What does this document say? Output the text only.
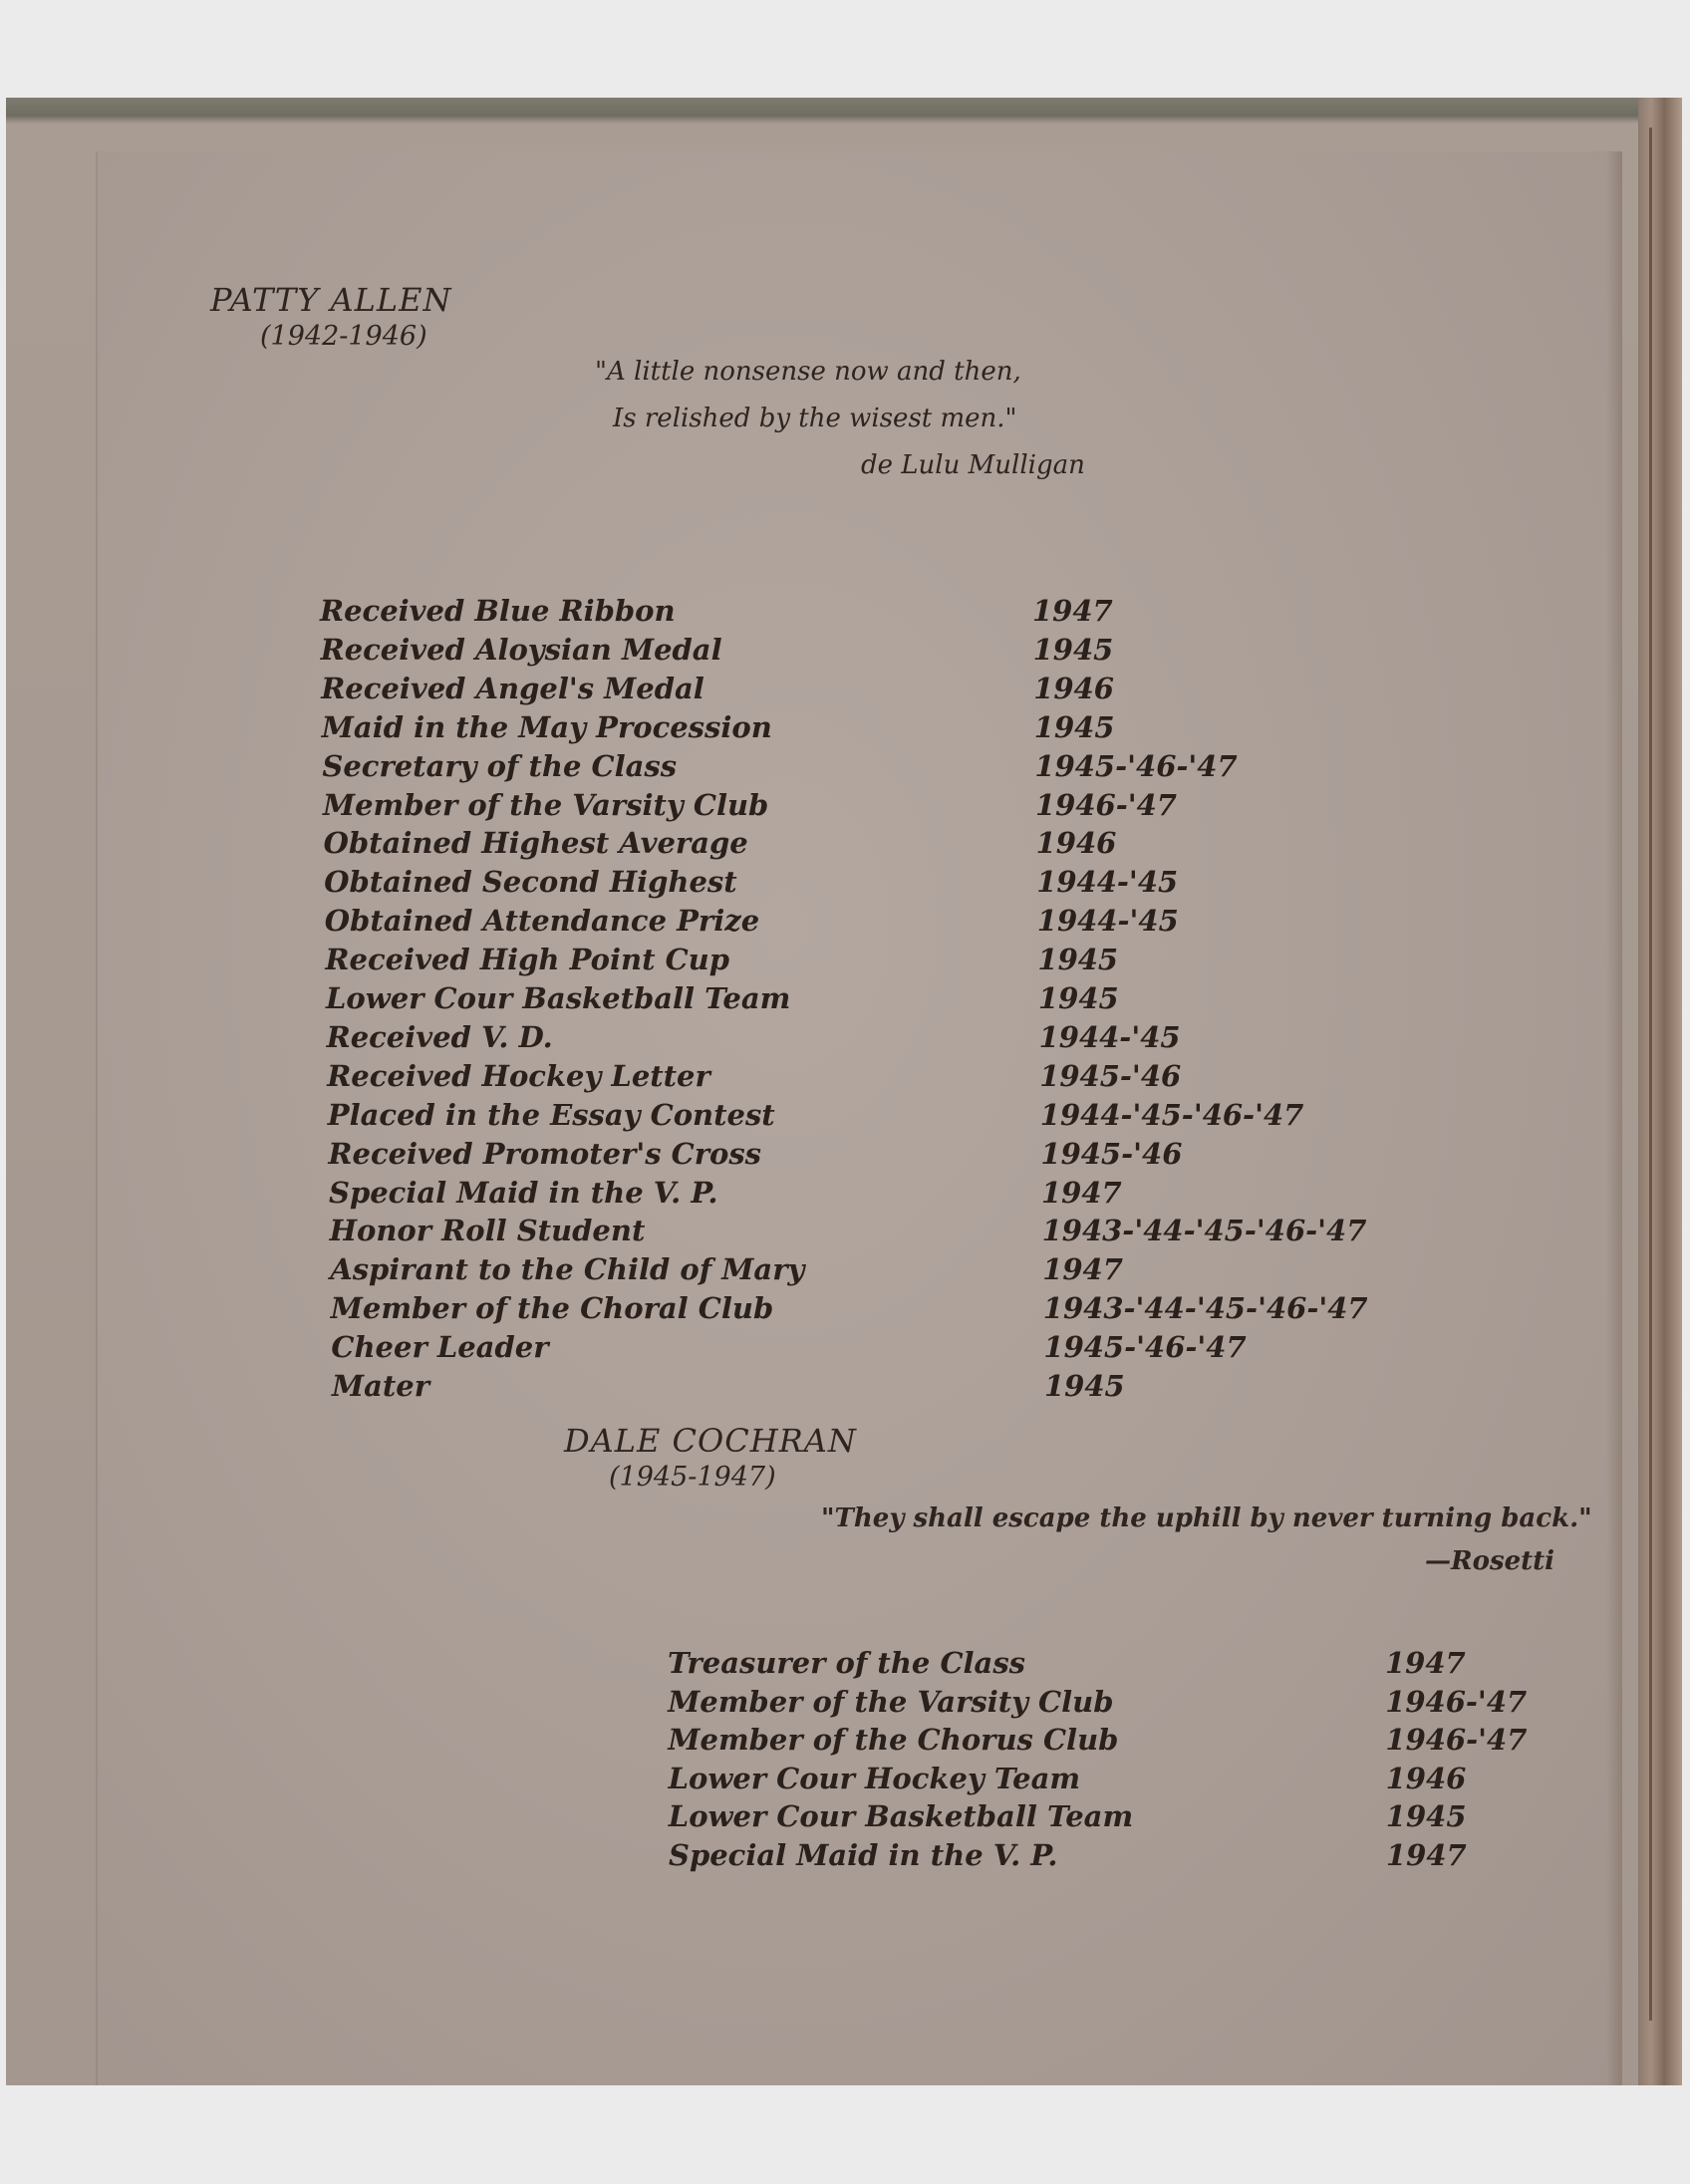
PATTY ALLEN
(1942-1946)
"A little nonsense now and then,
Is relished by the wisest men."
de Lulu Mulligan
Received Blue Ribbon	1947
Received Aloysian Medal	1945
Received Angel's Medal	1946
Maid in the May Procession	1945
Secretary of the Class	1945-'46-'47
Member of the Varsity Club	1946-'47
Obtained Highest Average	1946
Obtained Second Highest	1944-'45
Obtained Attendance Prize	1944-'45
Received High Point Cup	1945
Lower Cour Basketball Team	1945
Received V. D.	1944-'45
Received Hockey Letter	1945-'46
Placed in the Essay Contest	1944-'45-'46-'47
Received Promoter's Cross	1945-'46
Special Maid in the V. P.	1947
Honor Roll Student	1943-'44-'45-'46-'47
Aspirant to the Child of Mary	1947
Member of the Choral Club	1943-'44-'45-'46-'47
Cheer Leader	1945-'46-'47
Mater	1945
DALE COCHRAN
(1945-1947)
"They shall escape the uphill by never turning back."
—Rosetti
Treasurer of the Class	1947
Member of the Varsity Club	1946-'47
Member of the Chorus Club	1946-'47
Lower Cour Hockey Team	1946
Lower Cour Basketball Team	1945
Special Maid in the V. P.	1947
